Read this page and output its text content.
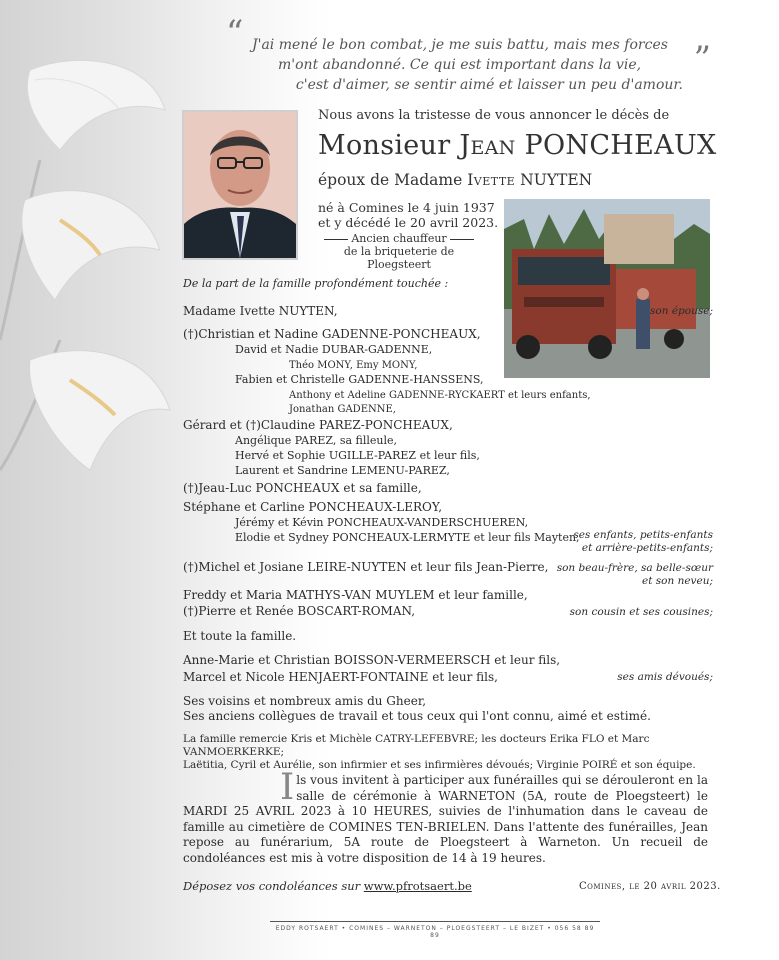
“ J'ai mené le bon combat, je me suis battu, mais mes forces
m'ont abandonné. Ce qui est important dans la vie,
c'est d'aimer, se sentir aimé et laisser un peu d'amour.
”
Nous avons la tristesse de vous annoncer le décès de
Monsieur Jean PONCHEAUX
époux de Madame Ivette NUYTEN
né à Comines le 4 juin 1937
et y décédé le 20 avril 2023.
Ancien chauffeur
de la briqueterie de Ploegsteert
De la part de la famille profondément touchée :
Madame Ivette NUYTEN,	son épouse;
(†)Christian et Nadine GADENNE-PONCHEAUX,
David et Nadie DUBAR-GADENNE,
Théo MONY, Emy MONY,
Fabien et Christelle GADENNE-HANSSENS,
Anthony et Adeline GADENNE-RYCKAERT et leurs enfants,
Jonathan GADENNE,
Gérard et (†)Claudine PAREZ-PONCHEAUX,
Angélique PAREZ, sa filleule,
Hervé et Sophie UGILLE-PAREZ et leur fils,
Laurent et Sandrine LEMENU-PAREZ,
(†)Jeau-Luc PONCHEAUX et sa famille,
Stéphane et Carline PONCHEAUX-LEROY,
Jérémy et Kévin PONCHEAUX-VANDERSCHUEREN,
Elodie et Sydney PONCHEAUX-LERMYTE et leur fils Mayten,
ses enfants, petits-enfants
et arrière-petits-enfants;
(†)Michel et Josiane LEIRE-NUYTEN et leur fils Jean-Pierre, son beau-frère, sa belle-sœur
et son neveu;
Freddy et Maria MATHYS-VAN MUYLEM et leur famille,
(†)Pierre et Renée BOSCART-ROMAN,	son cousin et ses cousines;
Et toute la famille.
Anne-Marie et Christian BOISSON-VERMEERSCH et leur fils,
Marcel et Nicole HENJAERT-FONTAINE et leur fils,	ses amis dévoués;
Ses voisins et nombreux amis du Gheer,
Ses anciens collègues de travail et tous ceux qui l'ont connu, aimé et estimé.
La famille remercie Kris et Michèle CATRY-LEFEBVRE; les docteurs Erika FLO et Marc VANMOERKERKE;
Laëtitia, Cyril et Aurélie, son infirmier et ses infirmières dévoués; Virginie POIRÉ et son équipe.
Ils vous invitent à participer aux funérailles qui se dérouleront en la salle de cérémonie à WARNETON (5A, route de Ploegsteert) le MARDI 25 AVRIL 2023 à 10 HEURES, suivies de l'inhumation dans le caveau de famille au cimetière de COMINES TEN-BRIELEN. Dans l'attente des funérailles, Jean repose au funérarium, 5A route de Ploegsteert à Warneton. Un recueil de condoléances est mis à votre disposition de 14 à 19 heures.
Déposez vos condoléances sur www.pfrotsaert.be	Comines, le 20 avril 2023.
EDDY ROTSAERT • COMINES – WARNETON – PLOEGSTEERT – LE BIZET • 056 58 89 89
